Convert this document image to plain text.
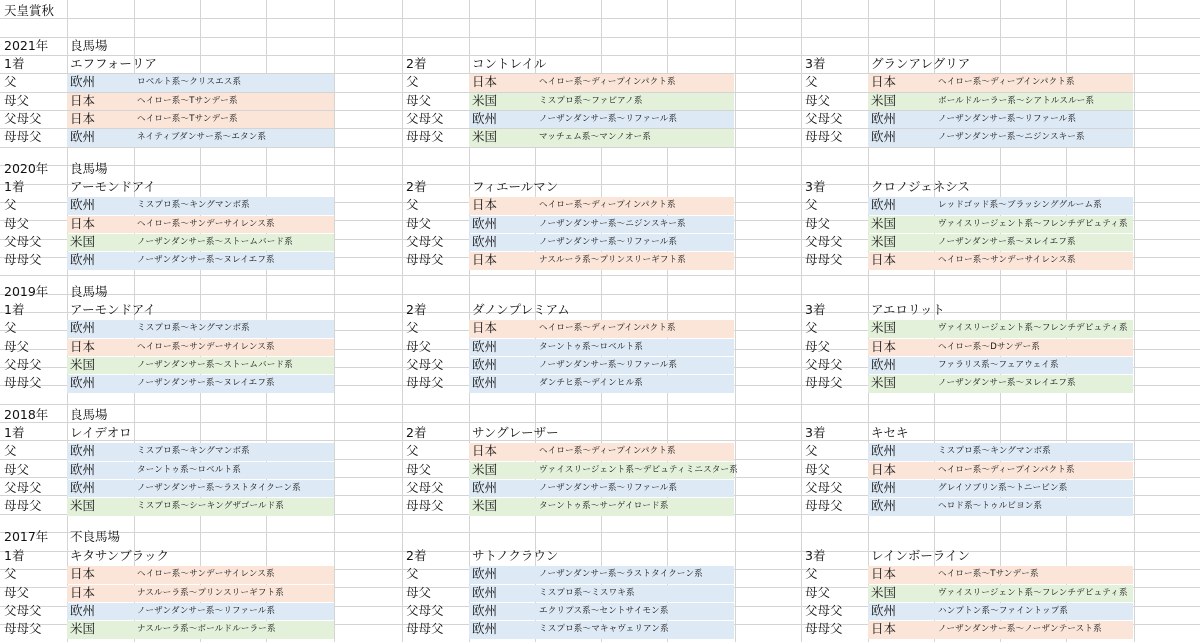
天皇賞秋
2021年 良馬場
1着	エフフォーリア
父	欧州	ロベルト系～クリスエス系
母父	日本	ヘイロー系～Tサンデー系
父母父 日本	ヘイロー系～Tサンデー系
母母父 欧州	ネイティブダンサー系～エタン系
2着	コントレイル
父	日本	ヘイロー系～ディープインパクト系
母父	米国	ミスプロ系～ファピアノ系
父母父 欧州	ノーザンダンサー系～リファール系
母母父 米国	マッチェム系～マンノオー系
3着	グランアレグリア
父	日本	ヘイロー系～ディープインパクト系
母父	米国	ボールドルーラー系～シアトルスルー系
父母父 欧州	ノーザンダンサー系～リファール系
母母父 欧州	ノーザンダンサー系～ニジンスキー系
2020年 良馬場
1着	アーモンドアイ
父	欧州	ミスプロ系～キングマンボ系
母父	日本	ヘイロー系～サンデーサイレンス系
父母父 米国	ノーザンダンサー系～ストームバード系
母母父 欧州	ノーザンダンサー系～ヌレイエフ系
2着	フィエールマン
父	日本	ヘイロー系～ディープインパクト系
母父	欧州	ノーザンダンサー系～ニジンスキー系
父母父 欧州	ノーザンダンサー系～リファール系
母母父 日本	ナスルーラ系～プリンスリーギフト系
3着	クロノジェネシス
父	欧州	レッドゴッド系～ブラッシンググルーム系
母父	米国	ヴァイスリージェント系～フレンチデピュティ系
父母父 米国	ノーザンダンサー系～ヌレイエフ系
母母父 日本	ヘイロー系～サンデーサイレンス系
2019年 良馬場
1着	アーモンドアイ
父	欧州	ミスプロ系～キングマンボ系
母父	日本	ヘイロー系～サンデーサイレンス系
父母父 米国	ノーザンダンサー系～ストームバード系
母母父 欧州	ノーザンダンサー系～ヌレイエフ系
2着	ダノンプレミアム
父	日本	ヘイロー系～ディープインパクト系
母父	欧州	ターントゥ系～ロベルト系
父母父 欧州	ノーザンダンサー系～リファール系
母母父 欧州	ダンチヒ系～デインヒル系
3着	アエロリット
父	米国	ヴァイスリージェント系～フレンチデピュティ系
母父	日本	ヘイロー系～Dサンデー系
父母父 欧州	ファラリス系～フェアウェイ系
母母父 米国	ノーザンダンサー系～ヌレイエフ系
2018年 良馬場
1着	レイデオロ
父	欧州	ミスプロ系～キングマンボ系
母父	欧州	ターントゥ系～ロベルト系
父母父 欧州	ノーザンダンサー系～ラストタイクーン系
母母父 米国	ミスプロ系～シーキングザゴールド系
2着	サングレーザー
父	日本	ヘイロー系～ディープインパクト系
母父	米国	ヴァイスリージェント系～デピュティミニスター系
父母父 欧州	ノーザンダンサー系～リファール系
母母父 米国	ターントゥ系～サーゲイロード系
3着	キセキ
父	欧州	ミスプロ系～キングマンボ系
母父	日本	ヘイロー系～ディープインパクト系
父母父 欧州	グレイソブリン系～トニービン系
母母父 欧州	ヘロド系～トゥルビヨン系
2017年 不良馬場
1着	キタサンブラック
父	日本	ヘイロー系～サンデーサイレンス系
母父	日本	ナスルーラ系～プリンスリーギフト系
父母父 欧州	ノーザンダンサー系～リファール系
母母父 米国	ナスルーラ系～ボールドルーラー系
2着	サトノクラウン
父	欧州	ノーザンダンサー系～ラストタイクーン系
母父	欧州	ミスプロ系～ミスワキ系
父母父 欧州	エクリプス系～セントサイモン系
母母父 欧州	ミスプロ系～マキャヴェリアン系
3着	レインボーライン
父	日本	ヘイロー系～Tサンデー系
母父	米国	ヴァイスリージェント系～フレンチデピュティ系
父母父 欧州	ハンプトン系～ファイントップ系
母母父 日本	ノーザンダンサー系～ノーザンテースト系
